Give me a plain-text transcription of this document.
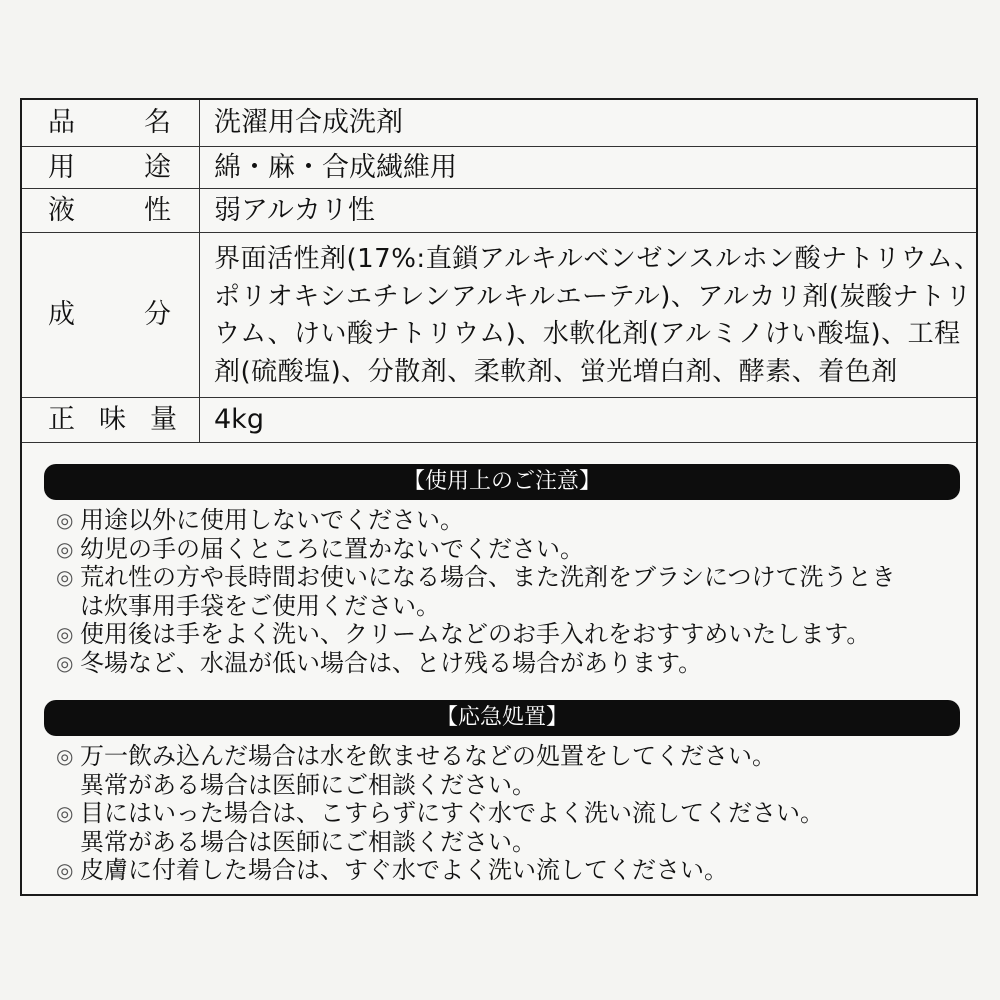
品 名	洗濯用合成洗剤

用 途	綿・麻・合成繊維用

液 性	弱アルカリ性

成 分	界面活性剤(17%:直鎖アルキルベンゼンスルホン酸ナトリウム、
ポリオキシエチレンアルキルエーテル)、アルカリ剤(炭酸ナトリ
ウム、けい酸ナトリウム)、水軟化剤(アルミノけい酸塩)、工程
剤(硫酸塩)、分散剤、柔軟剤、蛍光増白剤、酵素、着色剤

正 味 量	4kg
【使用上のご注意】
◎ 用途以外に使用しないでください。
◎ 幼児の手の届くところに置かないでください。
◎ 荒れ性の方や長時間お使いになる場合、また洗剤をブラシにつけて洗うとき
は炊事用手袋をご使用ください。
◎ 使用後は手をよく洗い、クリームなどのお手入れをおすすめいたします。
◎ 冬場など、水温が低い場合は、とけ残る場合があります。
【応急処置】
◎ 万一飲み込んだ場合は水を飲ませるなどの処置をしてください。
異常がある場合は医師にご相談ください。
◎ 目にはいった場合は、こすらずにすぐ水でよく洗い流してください。
異常がある場合は医師にご相談ください。
◎ 皮膚に付着した場合は、すぐ水でよく洗い流してください。
